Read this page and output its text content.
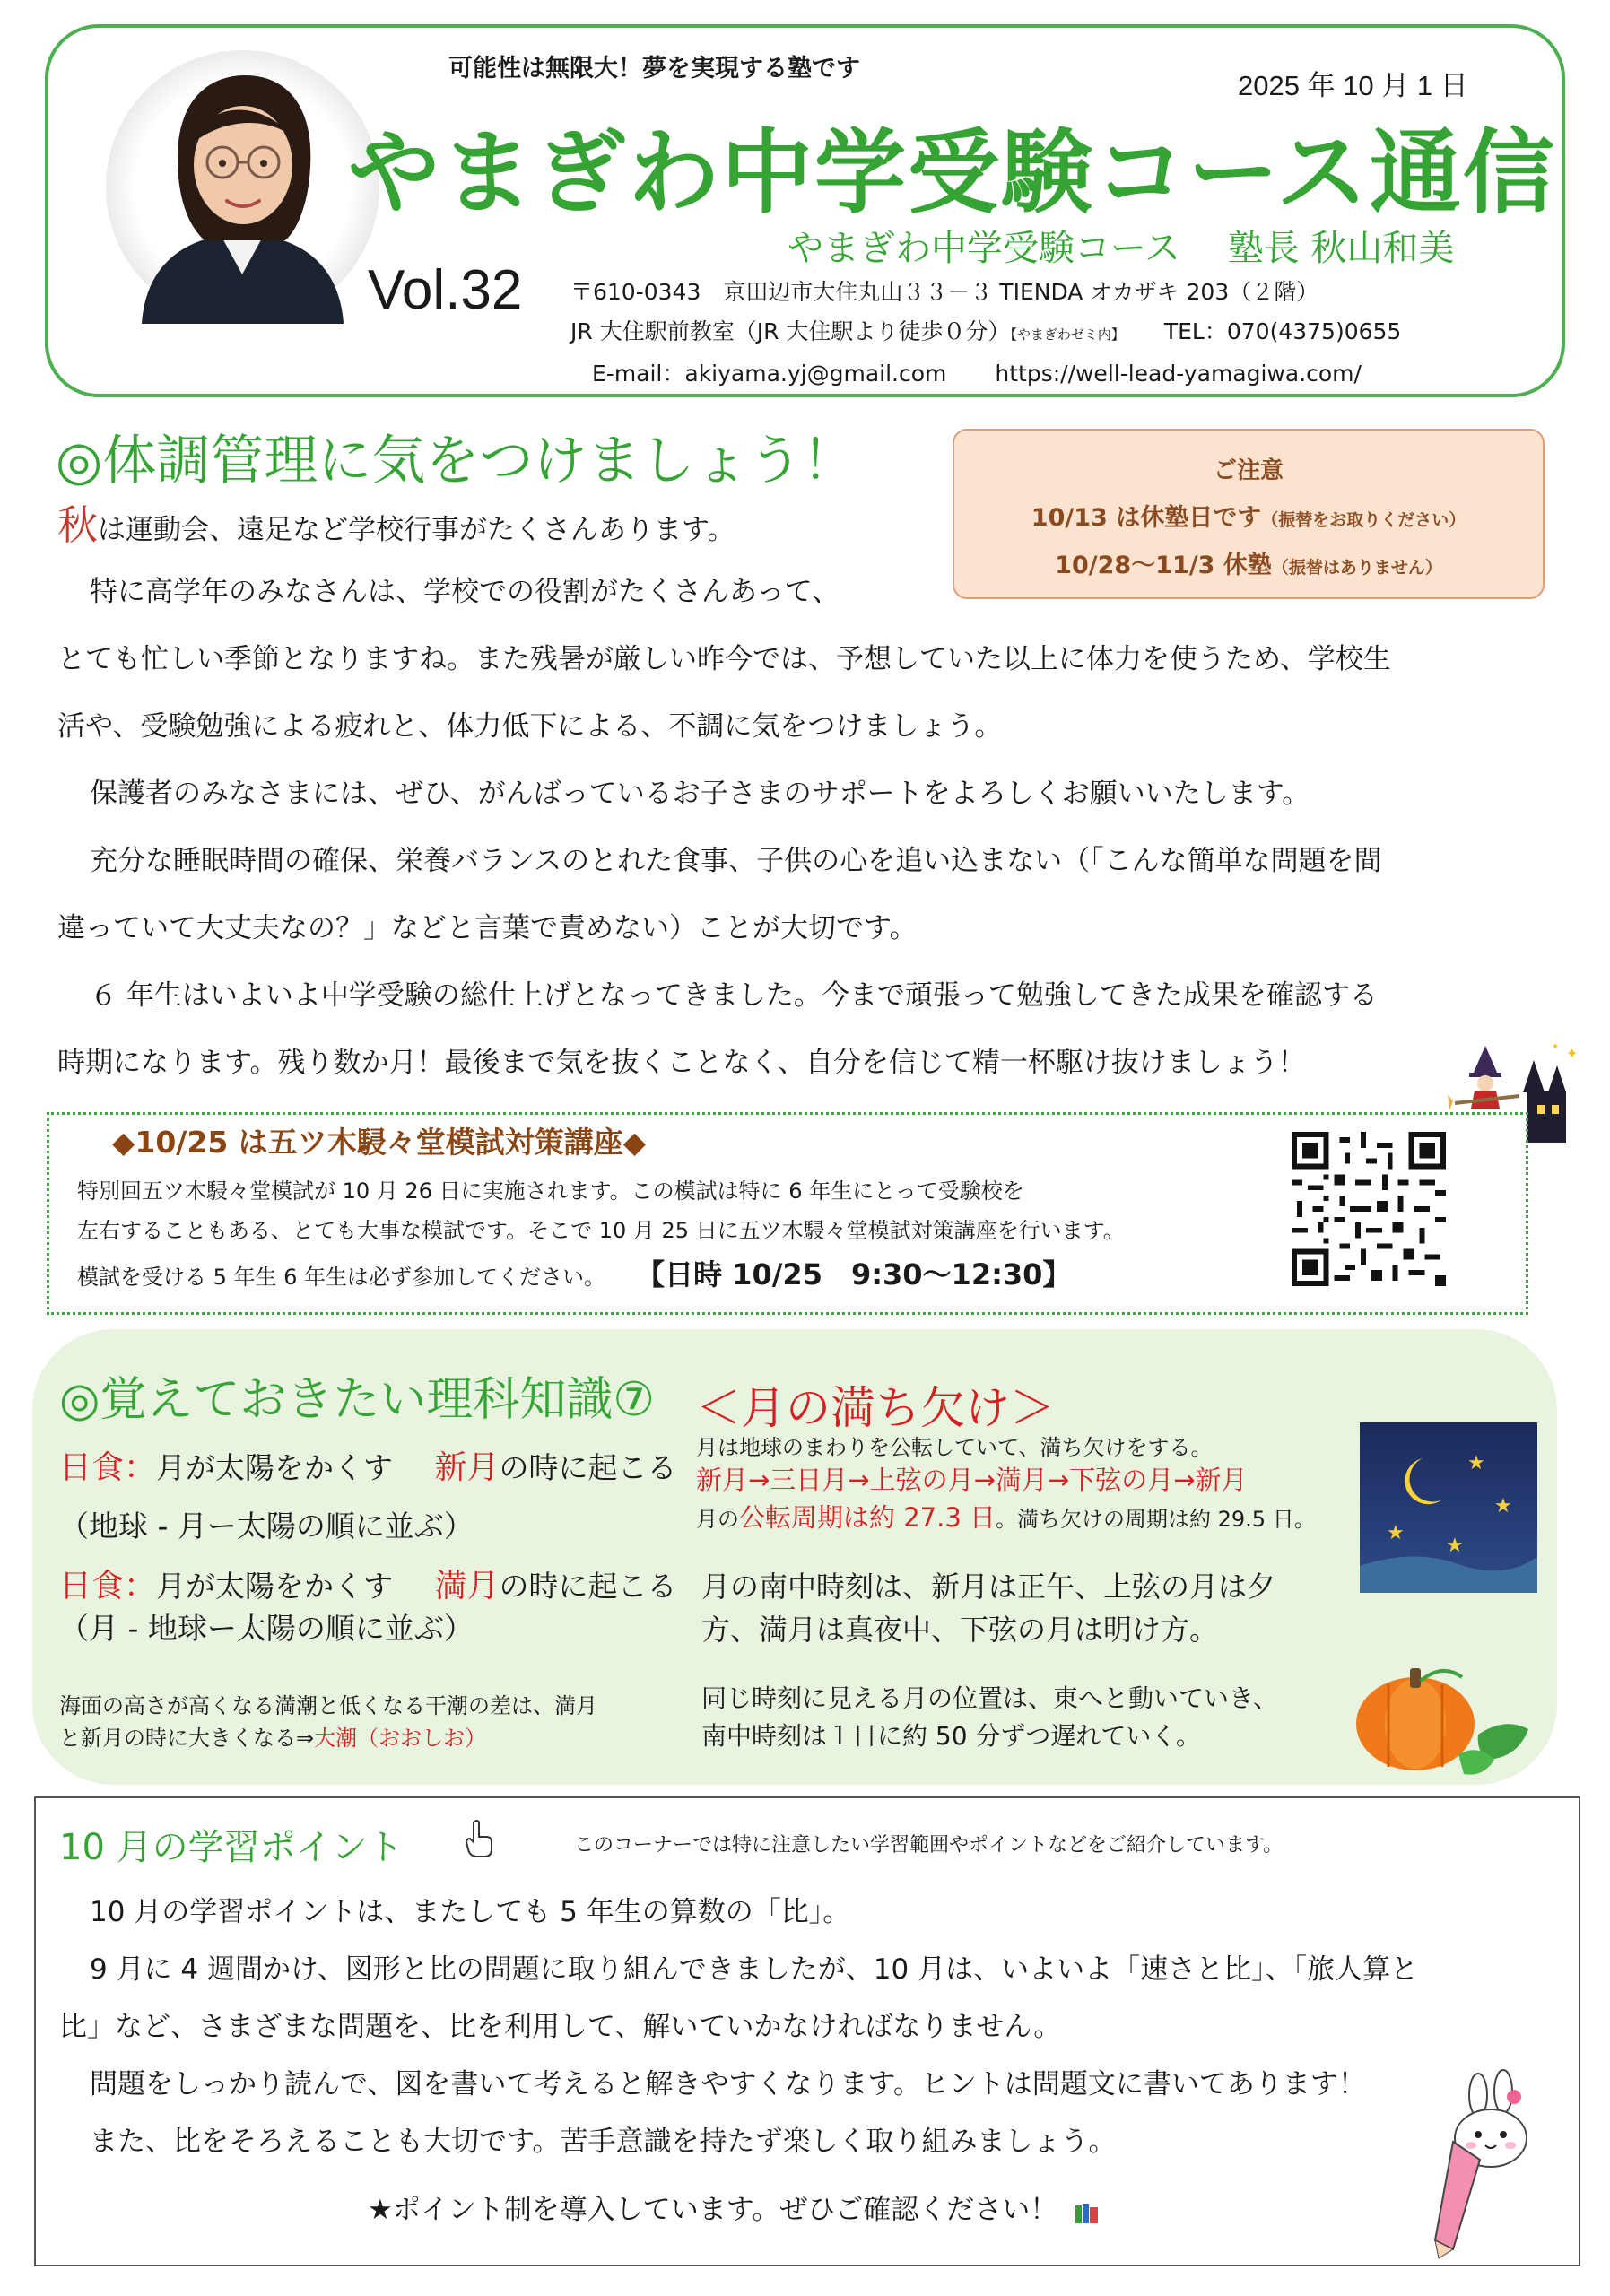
可能性は無限大！夢を実現する塾です
2025 年 10 月 1 日
やまぎわ中学受験コース通信
やまぎわ中学受験コース　 塾長 秋山和美
Vol.32 〒610-0343　京田辺市大住丸山３３－３ TIENDA オカザキ 203（２階）
JR 大住駅前教室（JR 大住駅より徒歩０分）【やまぎわゼミ内】 TEL：070(4375)0655
E-mail：akiyama.yj@gmail.com https://well-lead-yamagiwa.com/
◎体調管理に気をつけましょう！	ご注意
10/13 は休塾日です（振替をお取りください）
10/28～11/3 休塾（振替はありません）
秋は運動会、遠足など学校行事がたくさんあります。
特に高学年のみなさんは、学校での役割がたくさんあって、
とても忙しい季節となりますね。また残暑が厳しい昨今では、予想していた以上に体力を使うため、学校生
活や、受験勉強による疲れと、体力低下による、不調に気をつけましょう。
保護者のみなさまには、ぜひ、がんばっているお子さまのサポートをよろしくお願いいたします。
充分な睡眠時間の確保、栄養バランスのとれた食事、子供の心を追い込まない（「こんな簡単な問題を間
違っていて大丈夫なの？」などと言葉で責めない）ことが大切です。
６ 年生はいよいよ中学受験の総仕上げとなってきました。今まで頑張って勉強してきた成果を確認する
時期になります。残り数か月！最後まで気を抜くことなく、自分を信じて精一杯駆け抜けましょう！	✦
✦
◆10/25 は五ツ木駸々堂模試対策講座◆
特別回五ツ木駸々堂模試が 10 月 26 日に実施されます。この模試は特に 6 年生にとって受験校を
左右することもある、とても大事な模試です。そこで 10 月 25 日に五ツ木駸々堂模試対策講座を行います。
模試を受ける 5 年生 6 年生は必ず参加してください。 【日時 10/25　9:30～12:30】
◎覚えておきたい理科知識⑦
日食：月が太陽をかくす 新月の時に起こる
（地球 - 月ー太陽の順に並ぶ）
日食：月が太陽をかくす 満月の時に起こる
（月 - 地球ー太陽の順に並ぶ）
海面の高さが高くなる満潮と低くなる干潮の差は、満月
と新月の時に大きくなる⇒大潮（おおしお）
＜月の満ち欠け＞
月は地球のまわりを公転していて、満ち欠けをする。
新月→三日月→上弦の月→満月→下弦の月→新月
月の公転周期は約 27.3 日。満ち欠けの周期は約 29.5 日。
月の南中時刻は、新月は正午、上弦の月は夕
方、満月は真夜中、下弦の月は明け方。
同じ時刻に見える月の位置は、東へと動いていき、
南中時刻は１日に約 50 分ずつ遅れていく。
★
★
★
★
10 月の学習ポイント	このコーナーでは特に注意したい学習範囲やポイントなどをご紹介しています。
10 月の学習ポイントは、またしても 5 年生の算数の「比」。
9 月に 4 週間かけ、図形と比の問題に取り組んできましたが、10 月は、いよいよ「速さと比」、「旅人算と
比」など、さまざまな問題を、比を利用して、解いていかなければなりません。
問題をしっかり読んで、図を書いて考えると解きやすくなります。ヒントは問題文に書いてあります！
また、比をそろえることも大切です。苦手意識を持たず楽しく取り組みましょう。
★ポイント制を導入しています。ぜひご確認ください！
